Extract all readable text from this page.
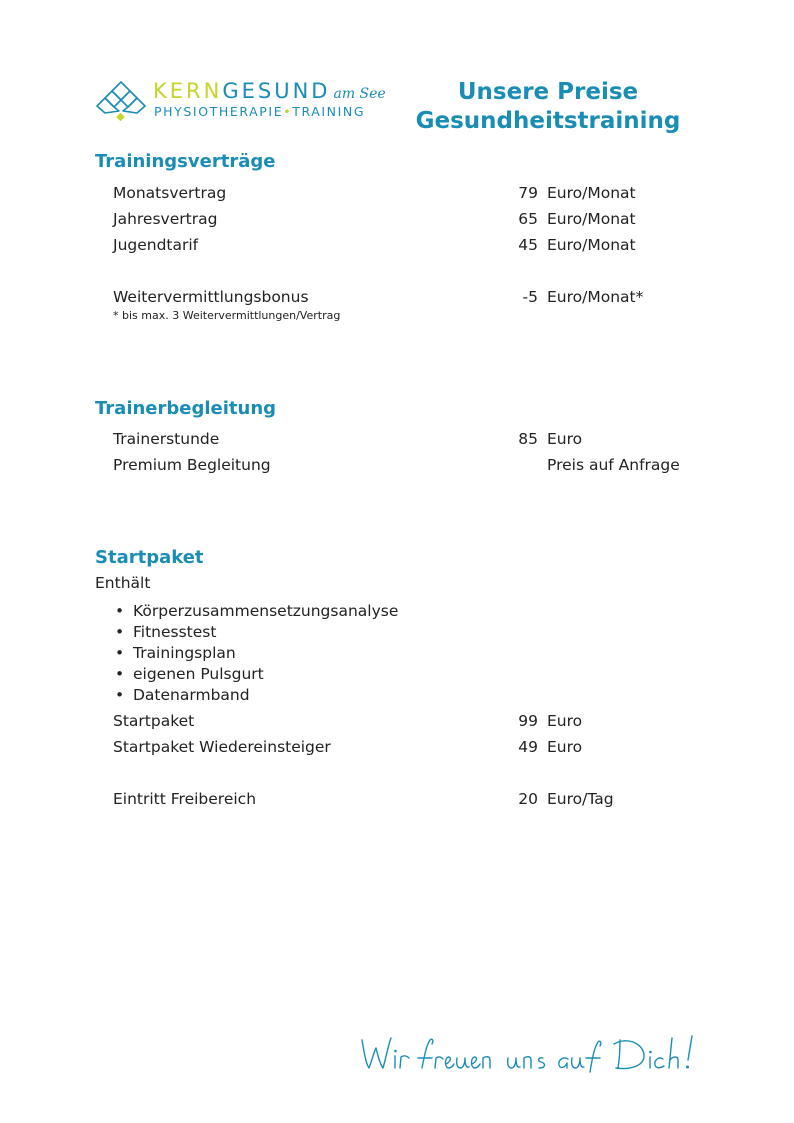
KERNGESUND am See
PHYSIOTHERAPIE•TRAINING
Unsere Preise
Gesundheitstraining
Trainingsverträge
Monatsvertrag	79 Euro/Monat
Jahresvertrag	65 Euro/Monat
Jugendtarif	45 Euro/Monat
Weitervermittlungsbonus	-5 Euro/Monat*
* bis max. 3 Weitervermittlungen/Vertrag
Trainerbegleitung
Trainerstunde	85 Euro
Premium Begleitung	Preis auf Anfrage
Startpaket
Enthält
• Körperzusammensetzungsanalyse
• Fitnesstest
• Trainingsplan
• eigenen Pulsgurt
• Datenarmband
Startpaket	99 Euro
Startpaket Wiedereinsteiger	49 Euro
Eintritt Freibereich	20 Euro/Tag
